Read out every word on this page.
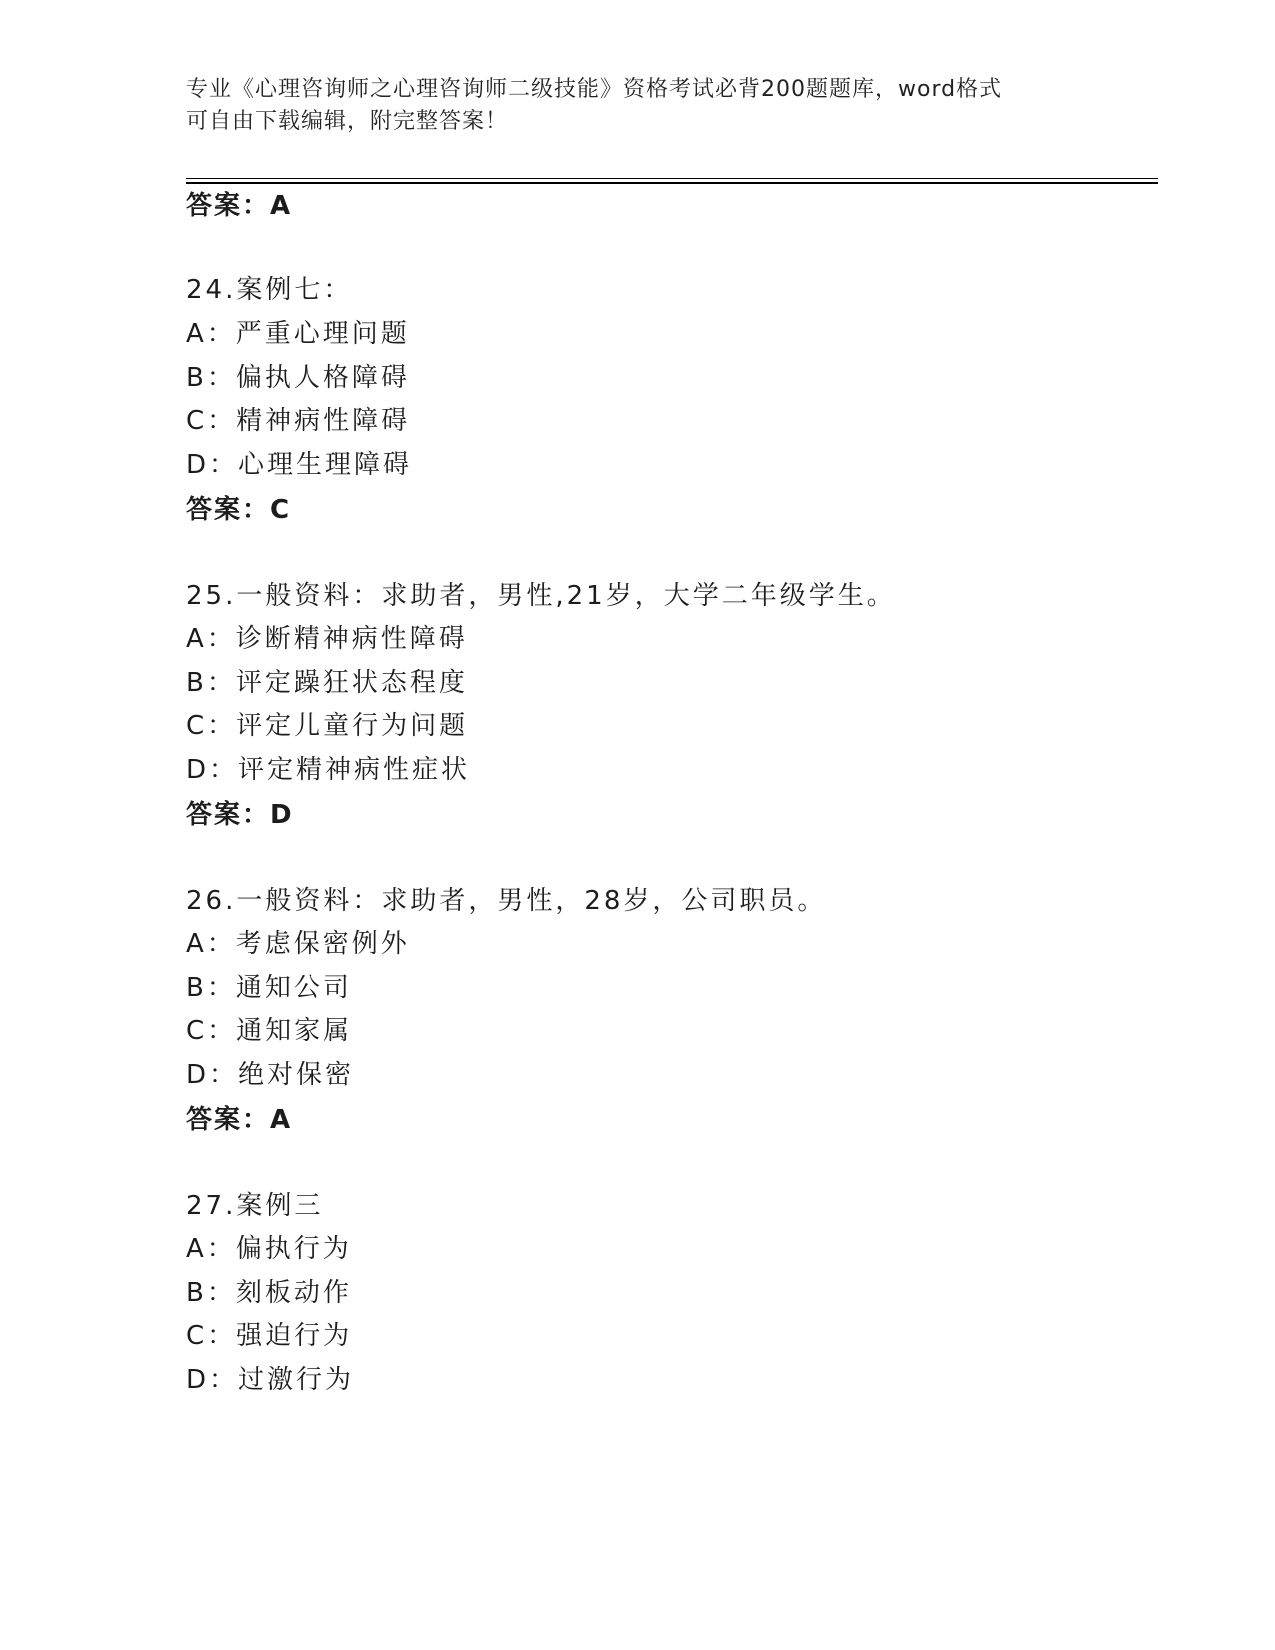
专业《心理咨询师之心理咨询师二级技能》资格考试必背200题题库，word格式
可自由下载编辑，附完整答案！
答案：A
24.案例七：
A：严重心理问题
B：偏执人格障碍
C：精神病性障碍
D：心理生理障碍
答案：C
25.一般资料：求助者，男性,21岁，大学二年级学生。
A：诊断精神病性障碍
B：评定躁狂状态程度
C：评定儿童行为问题
D：评定精神病性症状
答案：D
26.一般资料：求助者，男性，28岁，公司职员。
A：考虑保密例外
B：通知公司
C：通知家属
D：绝对保密
答案：A
27.案例三
A：偏执行为
B：刻板动作
C：强迫行为
D：过激行为
